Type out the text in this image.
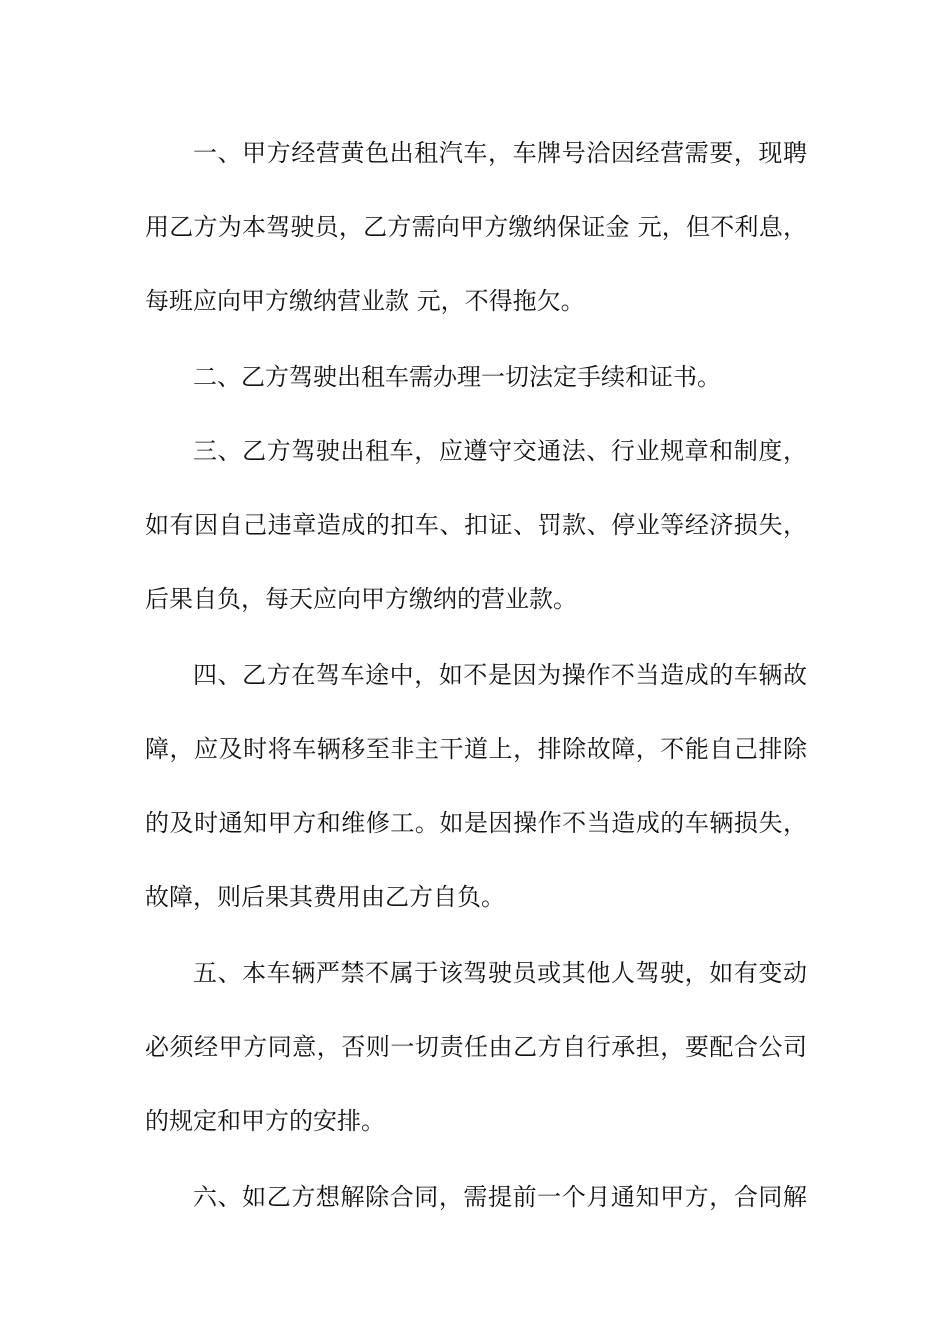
一、甲方经营黄色出租汽车，车牌号洽因经营需要，现聘
用乙方为本驾驶员，乙方需向甲方缴纳保证金 元，但不利息，
每班应向甲方缴纳营业款 元，不得拖欠。
二、乙方驾驶出租车需办理一切法定手续和证书。
三、乙方驾驶出租车，应遵守交通法、行业规章和制度，
如有因自己违章造成的扣车、扣证、罚款、停业等经济损失，
后果自负，每天应向甲方缴纳的营业款。
四、乙方在驾车途中，如不是因为操作不当造成的车辆故
障，应及时将车辆移至非主干道上，排除故障，不能自己排除
的及时通知甲方和维修工。如是因操作不当造成的车辆损失，
故障，则后果其费用由乙方自负。
五、本车辆严禁不属于该驾驶员或其他人驾驶，如有变动
必须经甲方同意，否则一切责任由乙方自行承担，要配合公司
的规定和甲方的安排。
六、如乙方想解除合同，需提前一个月通知甲方，合同解
